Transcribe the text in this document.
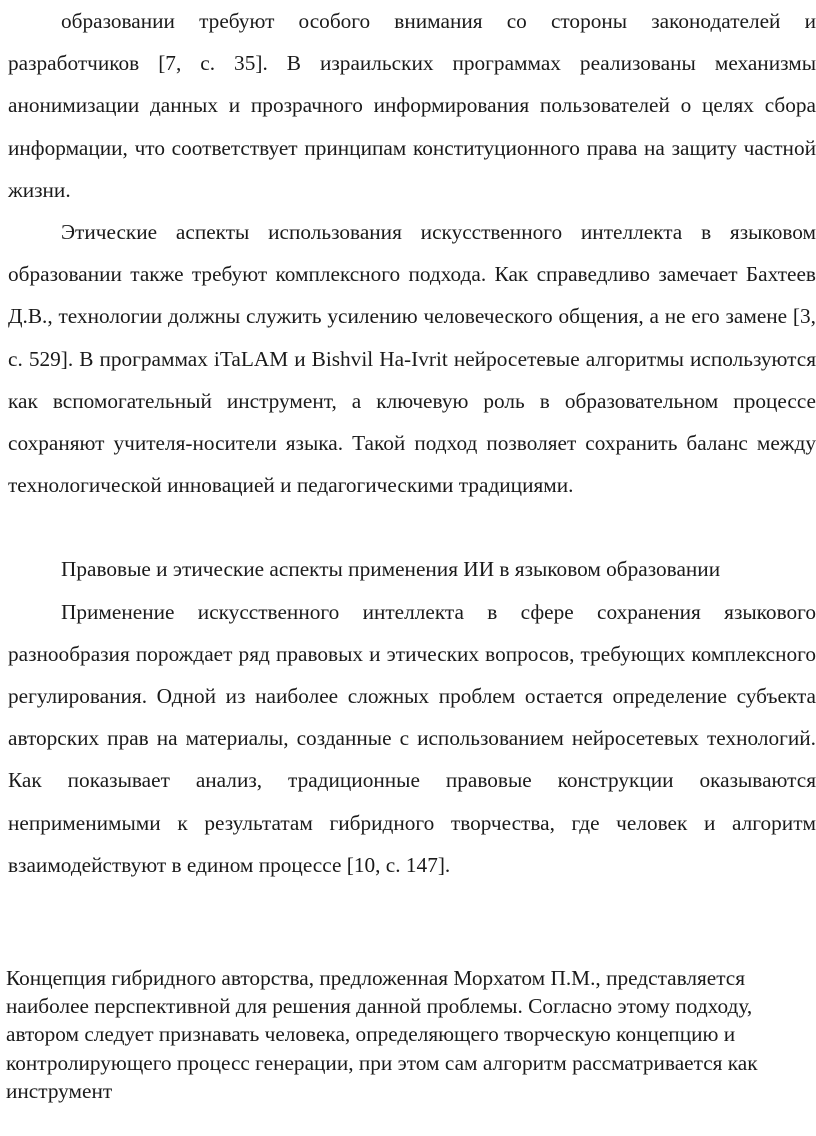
образовании требуют особого внимания со стороны законодателей и разработчиков [7, с. 35]. В израильских программах реализованы механизмы анонимизации данных и прозрачного информирования пользователей о целях сбора информации, что соответствует принципам конституционного права на защиту частной жизни.

Этические аспекты использования искусственного интеллекта в языковом образовании также требуют комплексного подхода. Как справедливо замечает Бахтеев Д.В., технологии должны служить усилению человеческого общения, а не его замене [3, с. 529]. В программах iTaLAM и Bishvil Ha-Ivrit нейросетевые алгоритмы используются как вспомогательный инструмент, а ключевую роль в образовательном процессе сохраняют учителя-носители языка. Такой подход позволяет сохранить баланс между технологической инновацией и педагогическими традициями.

Правовые и этические аспекты применения ИИ в языковом образовании

Применение искусственного интеллекта в сфере сохранения языкового разнообразия порождает ряд правовых и этических вопросов, требующих комплексного регулирования. Одной из наиболее сложных проблем остается определение субъекта авторских прав на материалы, созданные с использованием нейросетевых технологий. Как показывает анализ, традиционные правовые конструкции оказываются неприменимыми к результатам гибридного творчества, где человек и алгоритм взаимодействуют в едином процессе [10, с. 147].

Концепция гибридного авторства, предложенная Морхатом П.М., представляется наиболее перспективной для решения данной проблемы. Согласно этому подходу, автором следует признавать человека, определяющего творческую концепцию и контролирующего процесс генерации, при этом сам алгоритм рассматривается как инструмент
